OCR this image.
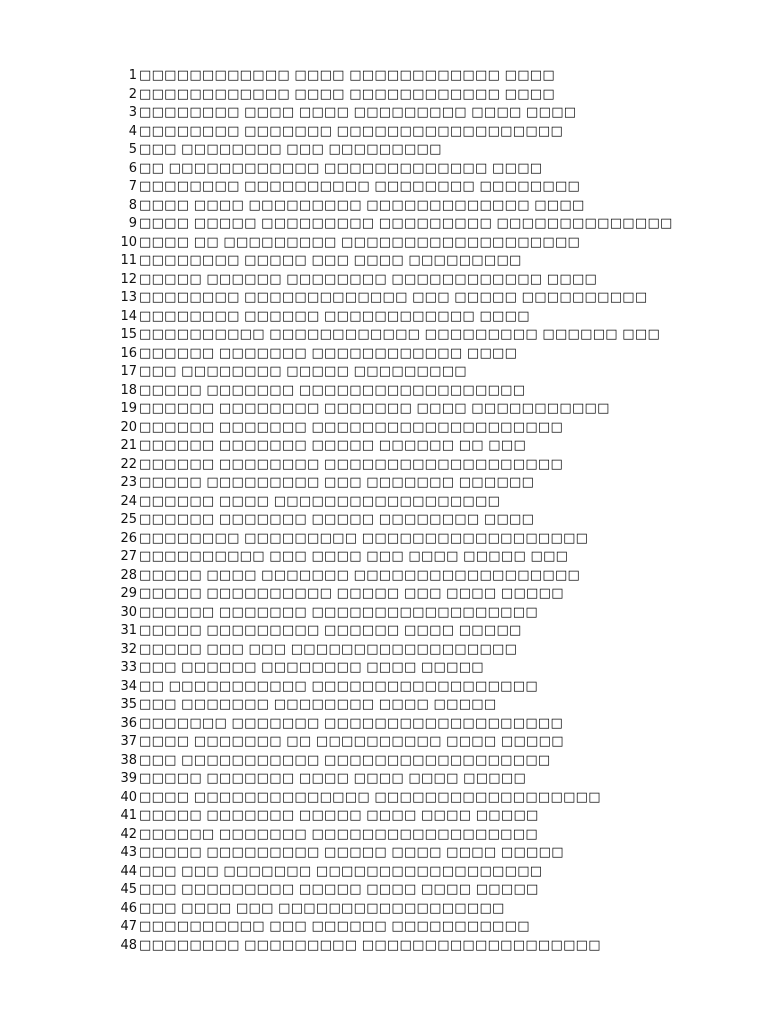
1 □□□□□□□□□□□□ □□□□ □□□□□□□□□□□□ □□□□
2 □□□□□□□□□□□□ □□□□ □□□□□□□□□□□□ □□□□
3 □□□□□□□□ □□□□ □□□□ □□□□□□□□□ □□□□ □□□□
4 □□□□□□□□ □□□□□□□ □□□□□□□□□□□□□□□□□□
5 □□□ □□□□□□□□ □□□ □□□□□□□□□
6 □□ □□□□□□□□□□□□ □□□□□□□□□□□□□ □□□□
7 □□□□□□□□ □□□□□□□□□□ □□□□□□□□ □□□□□□□□
8 □□□□ □□□□ □□□□□□□□□ □□□□□□□□□□□□□ □□□□
9 □□□□ □□□□□ □□□□□□□□□ □□□□□□□□□ □□□□□□□□□□□□□□
10 □□□□ □□ □□□□□□□□□ □□□□□□□□□□□□□□□□□□□
11 □□□□□□□□ □□□□□ □□□ □□□□ □□□□□□□□□
12 □□□□□ □□□□□□ □□□□□□□□ □□□□□□□□□□□□ □□□□
13 □□□□□□□□ □□□□□□□□□□□□□ □□□ □□□□□ □□□□□□□□□□
14 □□□□□□□□ □□□□□□ □□□□□□□□□□□□ □□□□
15 □□□□□□□□□□ □□□□□□□□□□□□ □□□□□□□□□ □□□□□□ □□□
16 □□□□□□ □□□□□□□ □□□□□□□□□□□□ □□□□
17 □□□ □□□□□□□□ □□□□□ □□□□□□□□□
18 □□□□□ □□□□□□□ □□□□□□□□□□□□□□□□□□
19 □□□□□□ □□□□□□□□ □□□□□□□ □□□□ □□□□□□□□□□□
20 □□□□□□ □□□□□□□ □□□□□□□□□□□□□□□□□□□□
21 □□□□□□ □□□□□□□ □□□□□ □□□□□□ □□ □□□
22 □□□□□□ □□□□□□□□ □□□□□□□□□□□□□□□□□□□
23 □□□□□ □□□□□□□□□ □□□ □□□□□□□ □□□□□□
24 □□□□□□ □□□□ □□□□□□□□□□□□□□□□□□
25 □□□□□□ □□□□□□□ □□□□□ □□□□□□□□ □□□□
26 □□□□□□□□ □□□□□□□□□ □□□□□□□□□□□□□□□□□□
27 □□□□□□□□□□ □□□ □□□□ □□□ □□□□ □□□□□ □□□
28 □□□□□ □□□□ □□□□□□□ □□□□□□□□□□□□□□□□□□
29 □□□□□ □□□□□□□□□□ □□□□□ □□□ □□□□ □□□□□
30 □□□□□□ □□□□□□□ □□□□□□□□□□□□□□□□□□
31 □□□□□ □□□□□□□□□ □□□□□□ □□□□ □□□□□
32 □□□□□ □□□ □□□ □□□□□□□□□□□□□□□□□□
33 □□□ □□□□□□ □□□□□□□□ □□□□ □□□□□
34 □□ □□□□□□□□□□□ □□□□□□□□□□□□□□□□□□
35 □□□ □□□□□□□ □□□□□□□□ □□□□ □□□□□
36 □□□□□□□ □□□□□□□ □□□□□□□□□□□□□□□□□□□
37 □□□□ □□□□□□□ □□ □□□□□□□□□□ □□□□ □□□□□
38 □□□ □□□□□□□□□□□ □□□□□□□□□□□□□□□□□□
39 □□□□□ □□□□□□□ □□□□ □□□□ □□□□ □□□□□
40 □□□□ □□□□□□□□□□□□□□ □□□□□□□□□□□□□□□□□□
41 □□□□□ □□□□□□□ □□□□□ □□□□ □□□□ □□□□□
42 □□□□□□ □□□□□□□ □□□□□□□□□□□□□□□□□□
43 □□□□□ □□□□□□□□□ □□□□□ □□□□ □□□□ □□□□□
44 □□□ □□□ □□□□□□□ □□□□□□□□□□□□□□□□□□
45 □□□ □□□□□□□□□ □□□□□ □□□□ □□□□ □□□□□
46 □□□ □□□□ □□□ □□□□□□□□□□□□□□□□□□
47 □□□□□□□□□□ □□□ □□□□□□ □□□□□□□□□□□
48 □□□□□□□□ □□□□□□□□□ □□□□□□□□□□□□□□□□□□□
